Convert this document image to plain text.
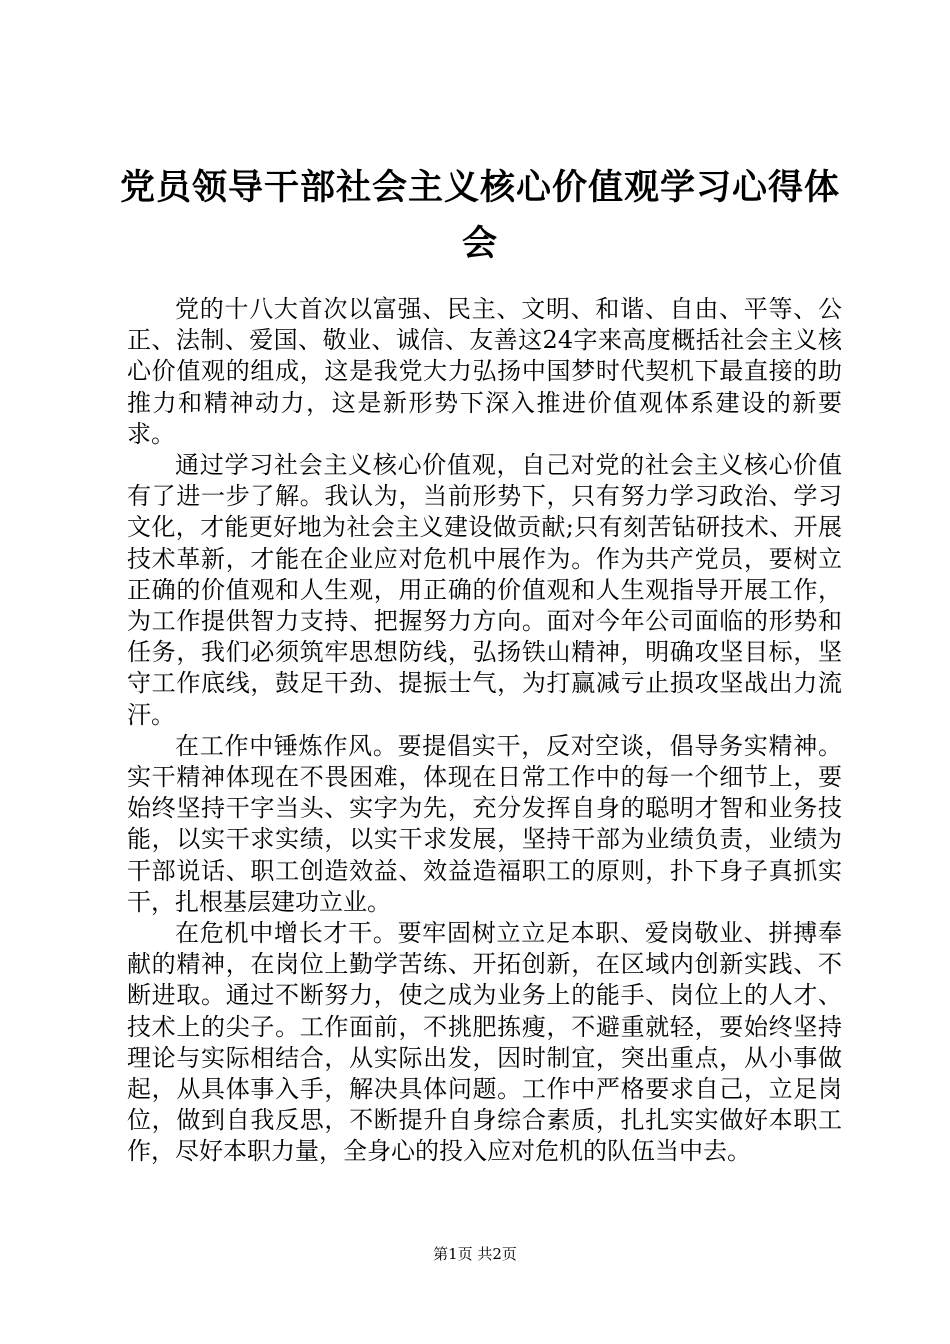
党员领导干部社会主义核心价值观学习心得体会

党的十八大首次以富强、民主、文明、和谐、自由、平等、公正、法制、爱国、敬业、诚信、友善这24字来高度概括社会主义核心价值观的组成，这是我党大力弘扬中国梦时代契机下最直接的助推力和精神动力，这是新形势下深入推进价值观体系建设的新要求。

通过学习社会主义核心价值观，自己对党的社会主义核心价值有了进一步了解。我认为，当前形势下，只有努力学习政治、学习文化，才能更好地为社会主义建设做贡献;只有刻苦钻研技术、开展技术革新，才能在企业应对危机中展作为。作为共产党员，要树立正确的价值观和人生观，用正确的价值观和人生观指导开展工作，为工作提供智力支持、把握努力方向。面对今年公司面临的形势和任务，我们必须筑牢思想防线，弘扬铁山精神，明确攻坚目标，坚守工作底线，鼓足干劲、提振士气，为打赢减亏止损攻坚战出力流汗。

在工作中锤炼作风。要提倡实干，反对空谈，倡导务实精神。实干精神体现在不畏困难，体现在日常工作中的每一个细节上，要始终坚持干字当头、实字为先，充分发挥自身的聪明才智和业务技能，以实干求实绩，以实干求发展，坚持干部为业绩负责，业绩为干部说话、职工创造效益、效益造福职工的原则，扑下身子真抓实干，扎根基层建功立业。

在危机中增长才干。要牢固树立立足本职、爱岗敬业、拼搏奉献的精神，在岗位上勤学苦练、开拓创新，在区域内创新实践、不断进取。通过不断努力，使之成为业务上的能手、岗位上的人才、技术上的尖子。工作面前，不挑肥拣瘦，不避重就轻，要始终坚持理论与实际相结合，从实际出发，因时制宜，突出重点，从小事做起，从具体事入手，解决具体问题。工作中严格要求自己，立足岗位，做到自我反思，不断提升自身综合素质，扎扎实实做好本职工作，尽好本职力量，全身心的投入应对危机的队伍当中去。

第1页 共2页
